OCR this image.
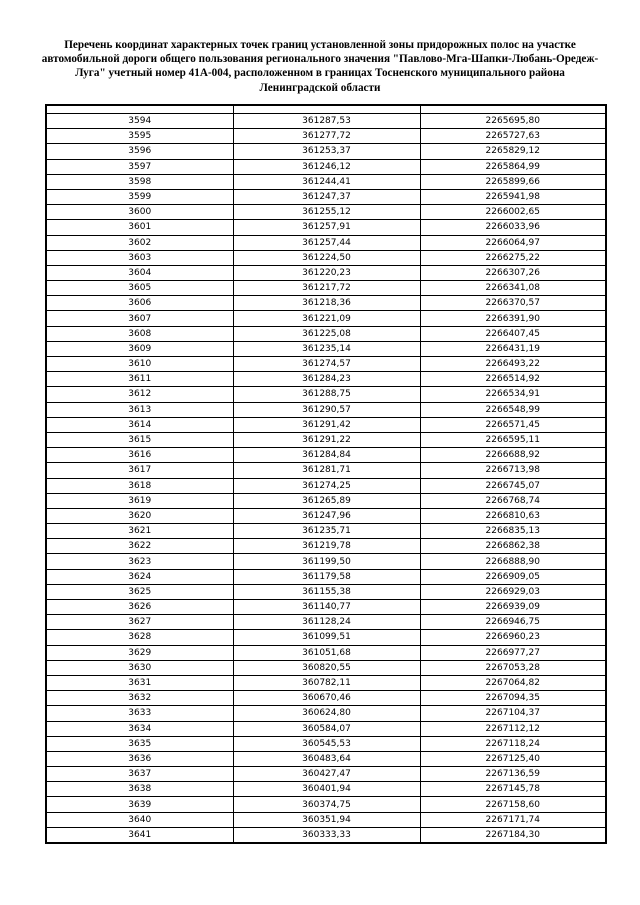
Перечень координат характерных точек границ установленной зоны придорожных полос на участке автомобильной дороги общего пользования регионального значения "Павлово-Мга-Шапки-Любань-Оредеж-Луга" учетный номер 41А-004, расположенном в границах Тосненского муниципального района Ленинградской области

3594	361287,53	2265695,80
3595	361277,72	2265727,63
3596	361253,37	2265829,12
3597	361246,12	2265864,99
3598	361244,41	2265899,66
3599	361247,37	2265941,98
3600	361255,12	2266002,65
3601	361257,91	2266033,96
3602	361257,44	2266064,97
3603	361224,50	2266275,22
3604	361220,23	2266307,26
3605	361217,72	2266341,08
3606	361218,36	2266370,57
3607	361221,09	2266391,90
3608	361225,08	2266407,45
3609	361235,14	2266431,19
3610	361274,57	2266493,22
3611	361284,23	2266514,92
3612	361288,75	2266534,91
3613	361290,57	2266548,99
3614	361291,42	2266571,45
3615	361291,22	2266595,11
3616	361284,84	2266688,92
3617	361281,71	2266713,98
3618	361274,25	2266745,07
3619	361265,89	2266768,74
3620	361247,96	2266810,63
3621	361235,71	2266835,13
3622	361219,78	2266862,38
3623	361199,50	2266888,90
3624	361179,58	2266909,05
3625	361155,38	2266929,03
3626	361140,77	2266939,09
3627	361128,24	2266946,75
3628	361099,51	2266960,23
3629	361051,68	2266977,27
3630	360820,55	2267053,28
3631	360782,11	2267064,82
3632	360670,46	2267094,35
3633	360624,80	2267104,37
3634	360584,07	2267112,12
3635	360545,53	2267118,24
3636	360483,64	2267125,40
3637	360427,47	2267136,59
3638	360401,94	2267145,78
3639	360374,75	2267158,60
3640	360351,94	2267171,74
3641	360333,33	2267184,30
